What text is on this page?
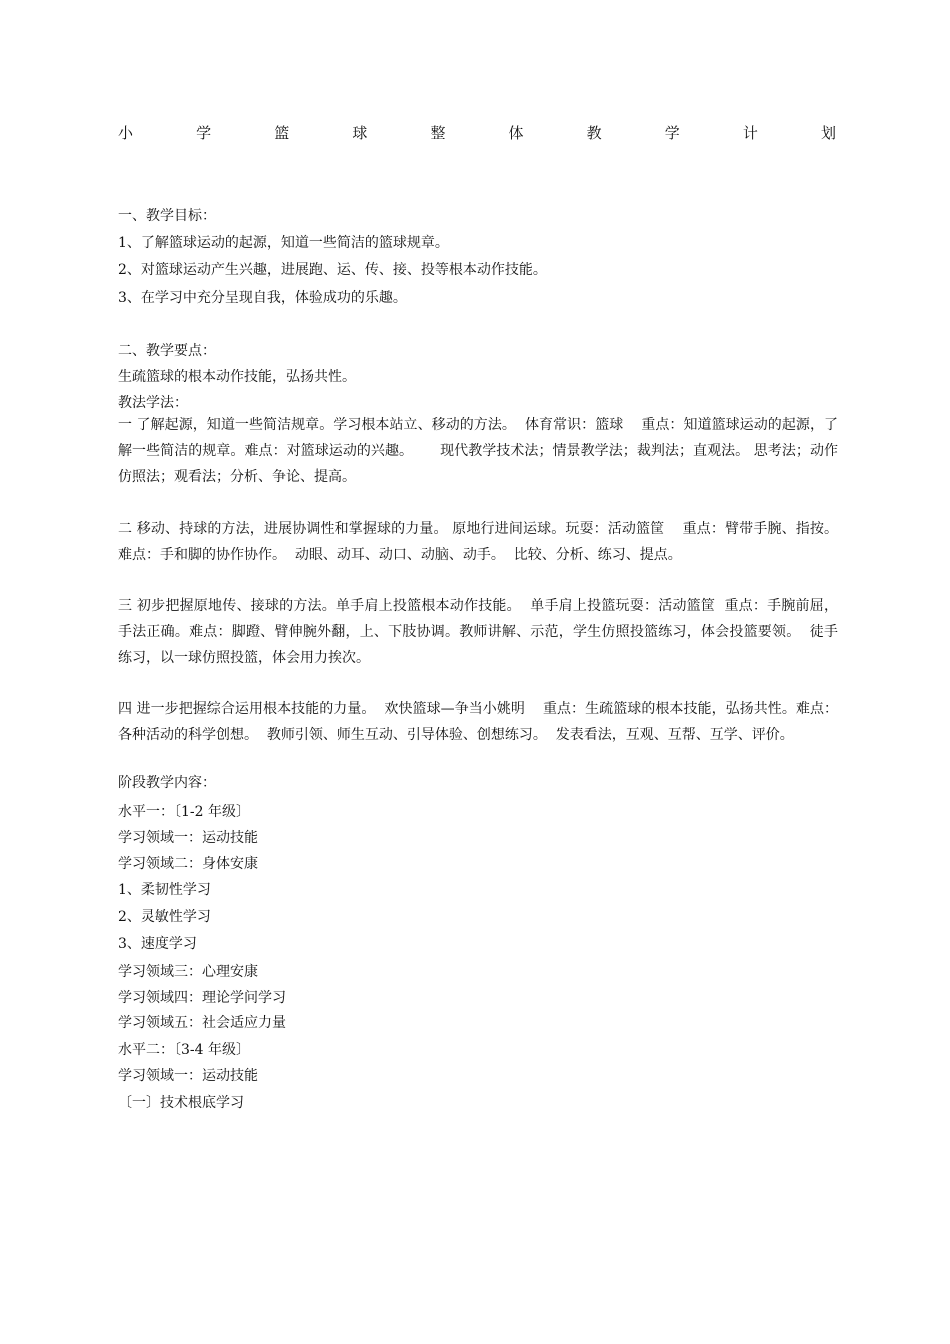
小	学	篮	球	整	体	教	学	计	划
一、教学目标：
1、了解篮球运动的起源，知道一些简洁的篮球规章。
2、对篮球运动产生兴趣，进展跑、运、传、接、投等根本动作技能。
3、在学习中充分呈现自我，体验成功的乐趣。
二、教学要点：
生疏篮球的根本动作技能，弘扬共性。
教法学法：
一 了解起源，知道一些简洁规章。学习根本站立、移动的方法。  体育常识：篮球    重点：知道篮球运动的起源，了解一些简洁的规章。难点：对篮球运动的兴趣。      现代教学技术法；情景教学法；裁判法；直观法。 思考法；动作仿照法；观看法；分析、争论、提高。
二 移动、持球的方法，进展协调性和掌握球的力量。 原地行进间运球。玩耍：活动篮筐    重点：臂带手腕、指按。难点：手和脚的协作协作。  动眼、动耳、动口、动脑、动手。  比较、分析、练习、提点。
三 初步把握原地传、接球的方法。单手肩上投篮根本动作技能。  单手肩上投篮玩耍：活动篮筐  重点：手腕前屈，手法正确。难点：脚蹬、臂伸腕外翻，上、下肢协调。教师讲解、示范，学生仿照投篮练习，体会投篮要领。  徒手练习，以一球仿照投篮，体会用力挨次。
四 进一步把握综合运用根本技能的力量。  欢快篮球—争当小姚明    重点：生疏篮球的根本技能，弘扬共性。难点：各种活动的科学创想。  教师引领、师生互动、引导体验、创想练习。  发表看法，互观、互帮、互学、评价。
阶段教学内容：
水平一：〔1-2 年级〕
学习领域一：运动技能
学习领域二：身体安康
1、柔韧性学习
2、灵敏性学习
3、速度学习
学习领域三：心理安康
学习领域四：理论学问学习
学习领域五：社会适应力量
水平二：〔3-4 年级〕
学习领域一：运动技能
〔一〕技术根底学习
